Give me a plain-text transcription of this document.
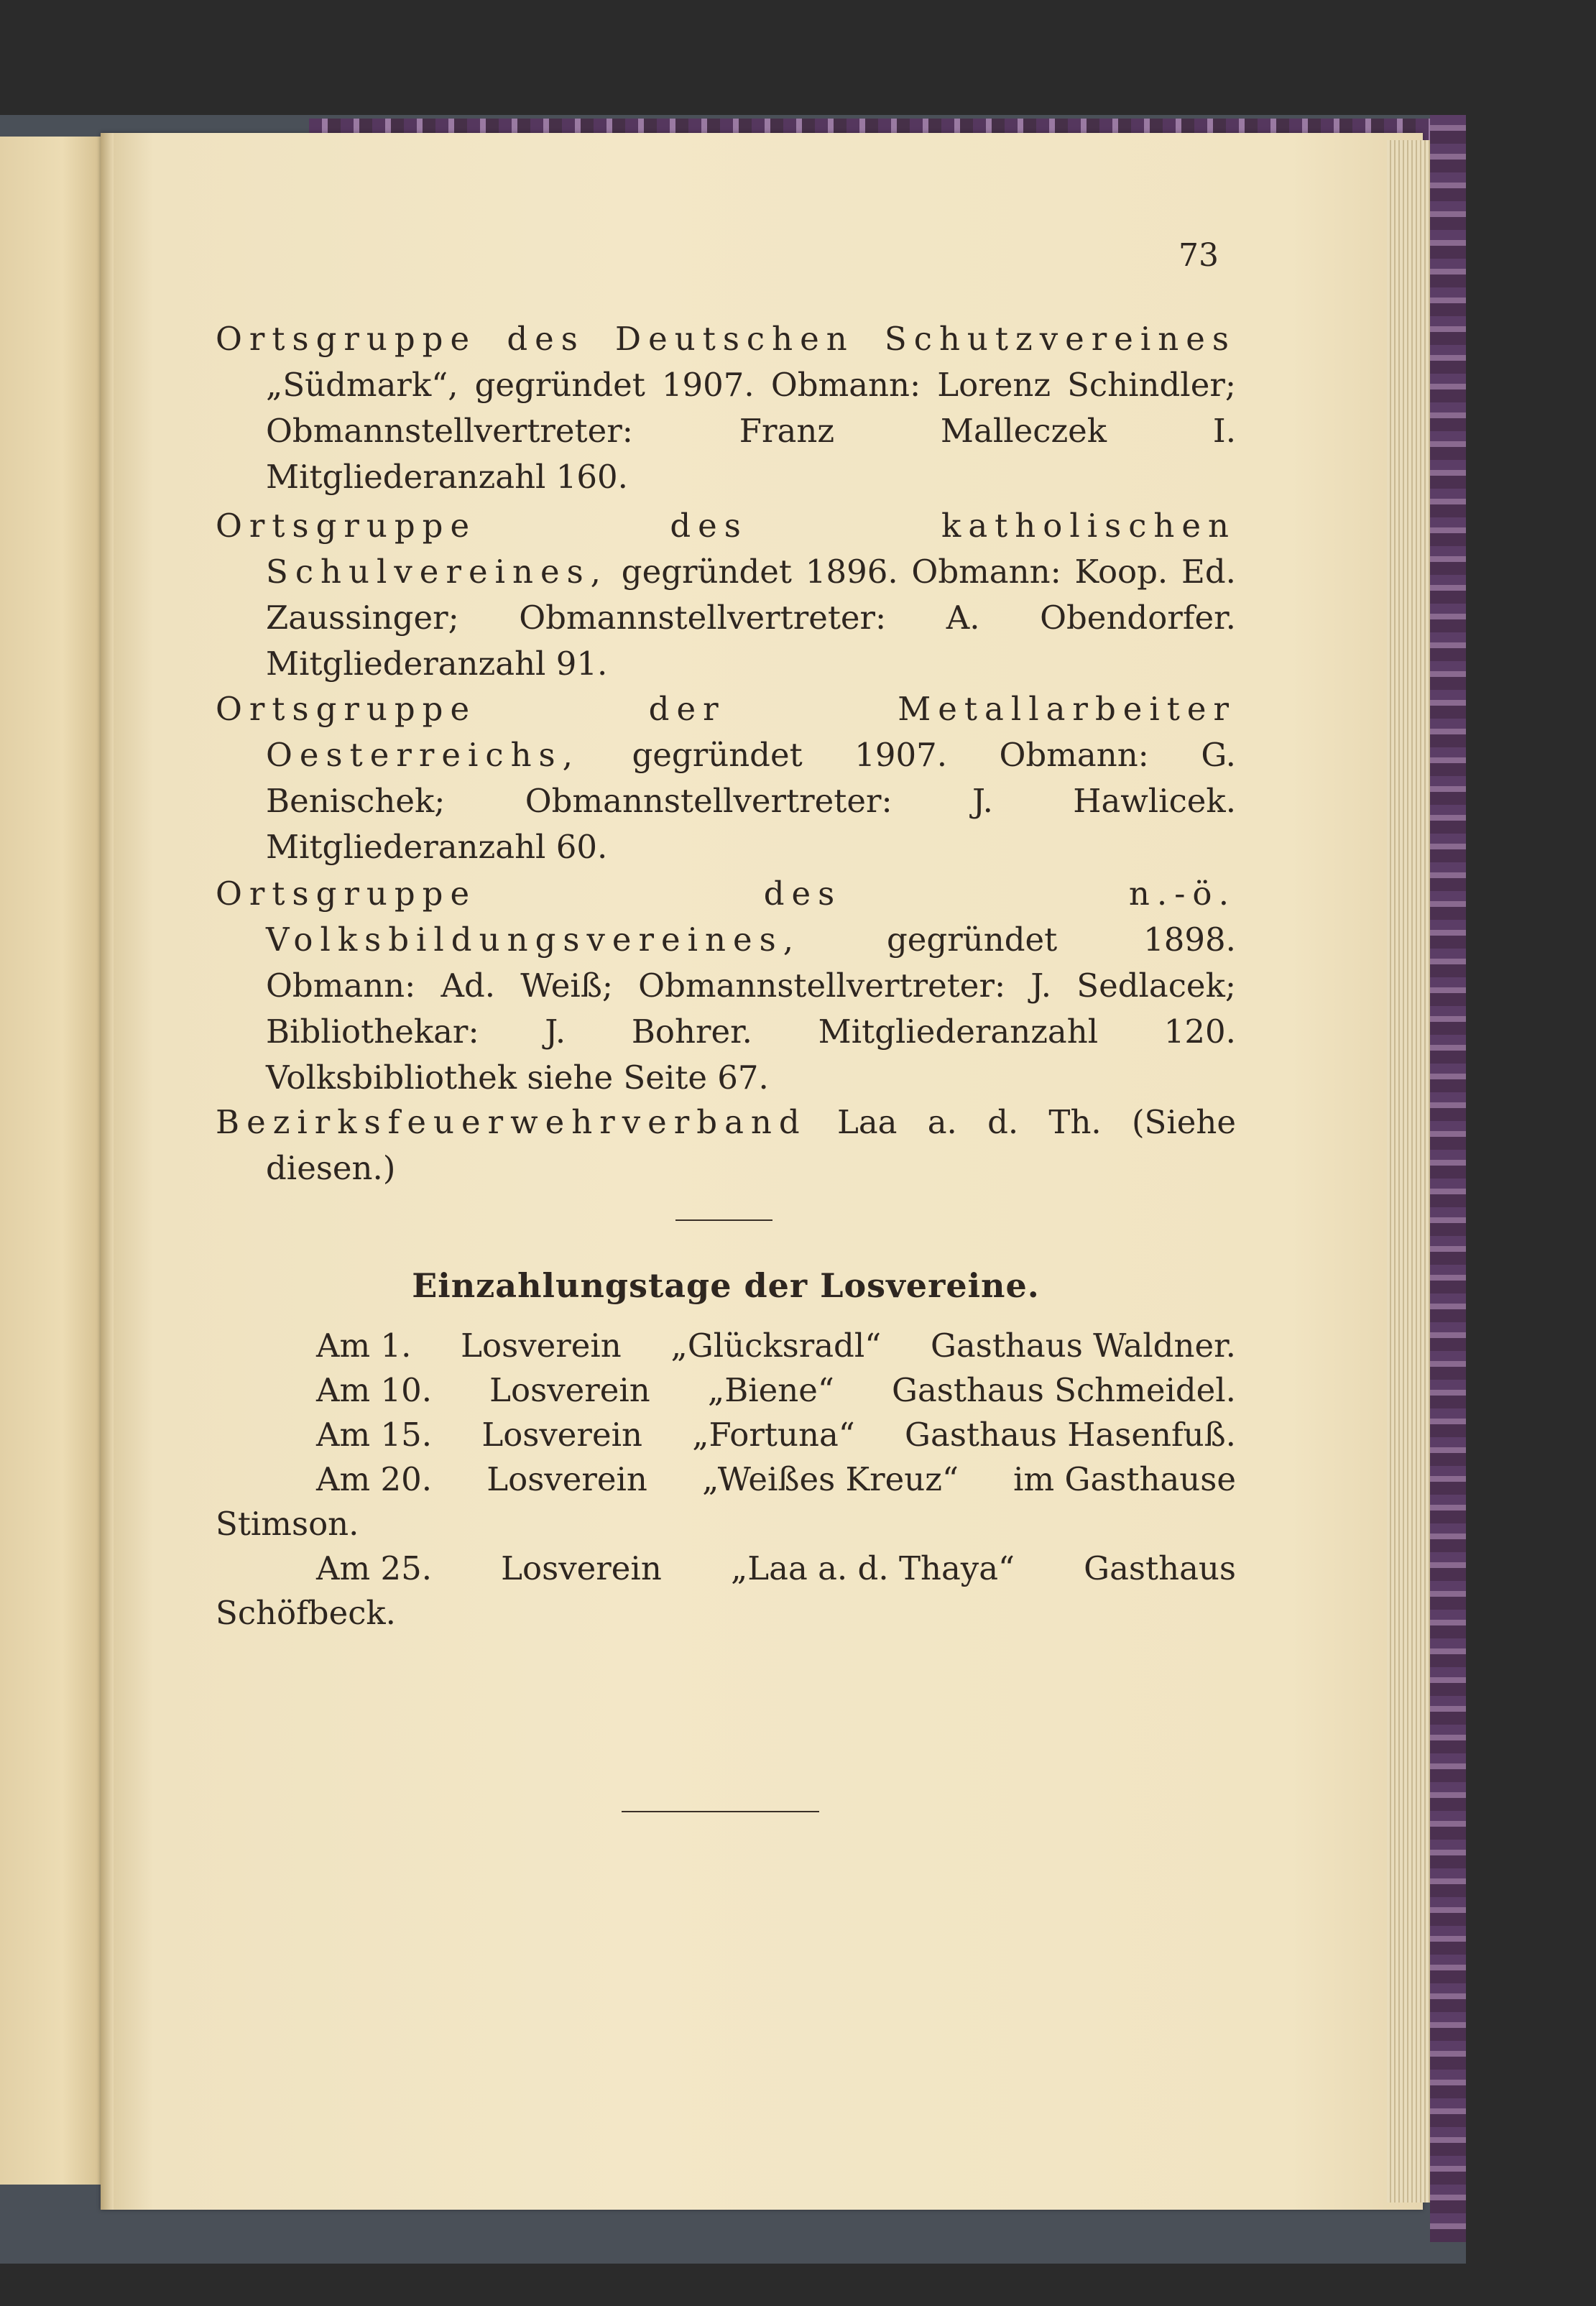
73
Ortsgruppe des Deutschen Schutzvereines „Südmark“, gegründet 1907. Obmann: Lorenz Schindler; Obmannstellvertreter: Franz Malleczek I. Mitgliederanzahl 160.
Ortsgruppe des katholischen Schulvereines, gegründet 1896. Obmann: Koop. Ed. Zaussinger; Obmannstellvertreter: A. Obendorfer. Mitgliederanzahl 91.
Ortsgruppe der Metallarbeiter Oesterreichs, gegründet 1907. Obmann: G. Benischek; Obmannstellvertreter: J. Hawlicek. Mitgliederanzahl 60.
Ortsgruppe des n.-ö. Volksbildungsvereines,	gegründet 1898. Obmann: Ad. Weiß; Obmannstellvertreter: J. Sedlacek; Bibliothekar: J. Bohrer. Mitgliederanzahl 120. Volksbibliothek siehe Seite 67.
Bezirksfeuerwehrverband Laa a. d. Th. (Siehe diesen.)
Einzahlungstage der Losvereine.
Am 1. Losverein „Glücksradl“ Gasthaus Waldner.
Am 10. Losverein „Biene“ Gasthaus Schmeidel.
Am 15. Losverein „Fortuna“ Gasthaus Hasenfuß.
Am 20. Losverein „Weißes Kreuz“ im Gasthause
Stimson.
Am 25. Losverein „Laa a. d. Thaya“ Gasthaus
Schöfbeck.
